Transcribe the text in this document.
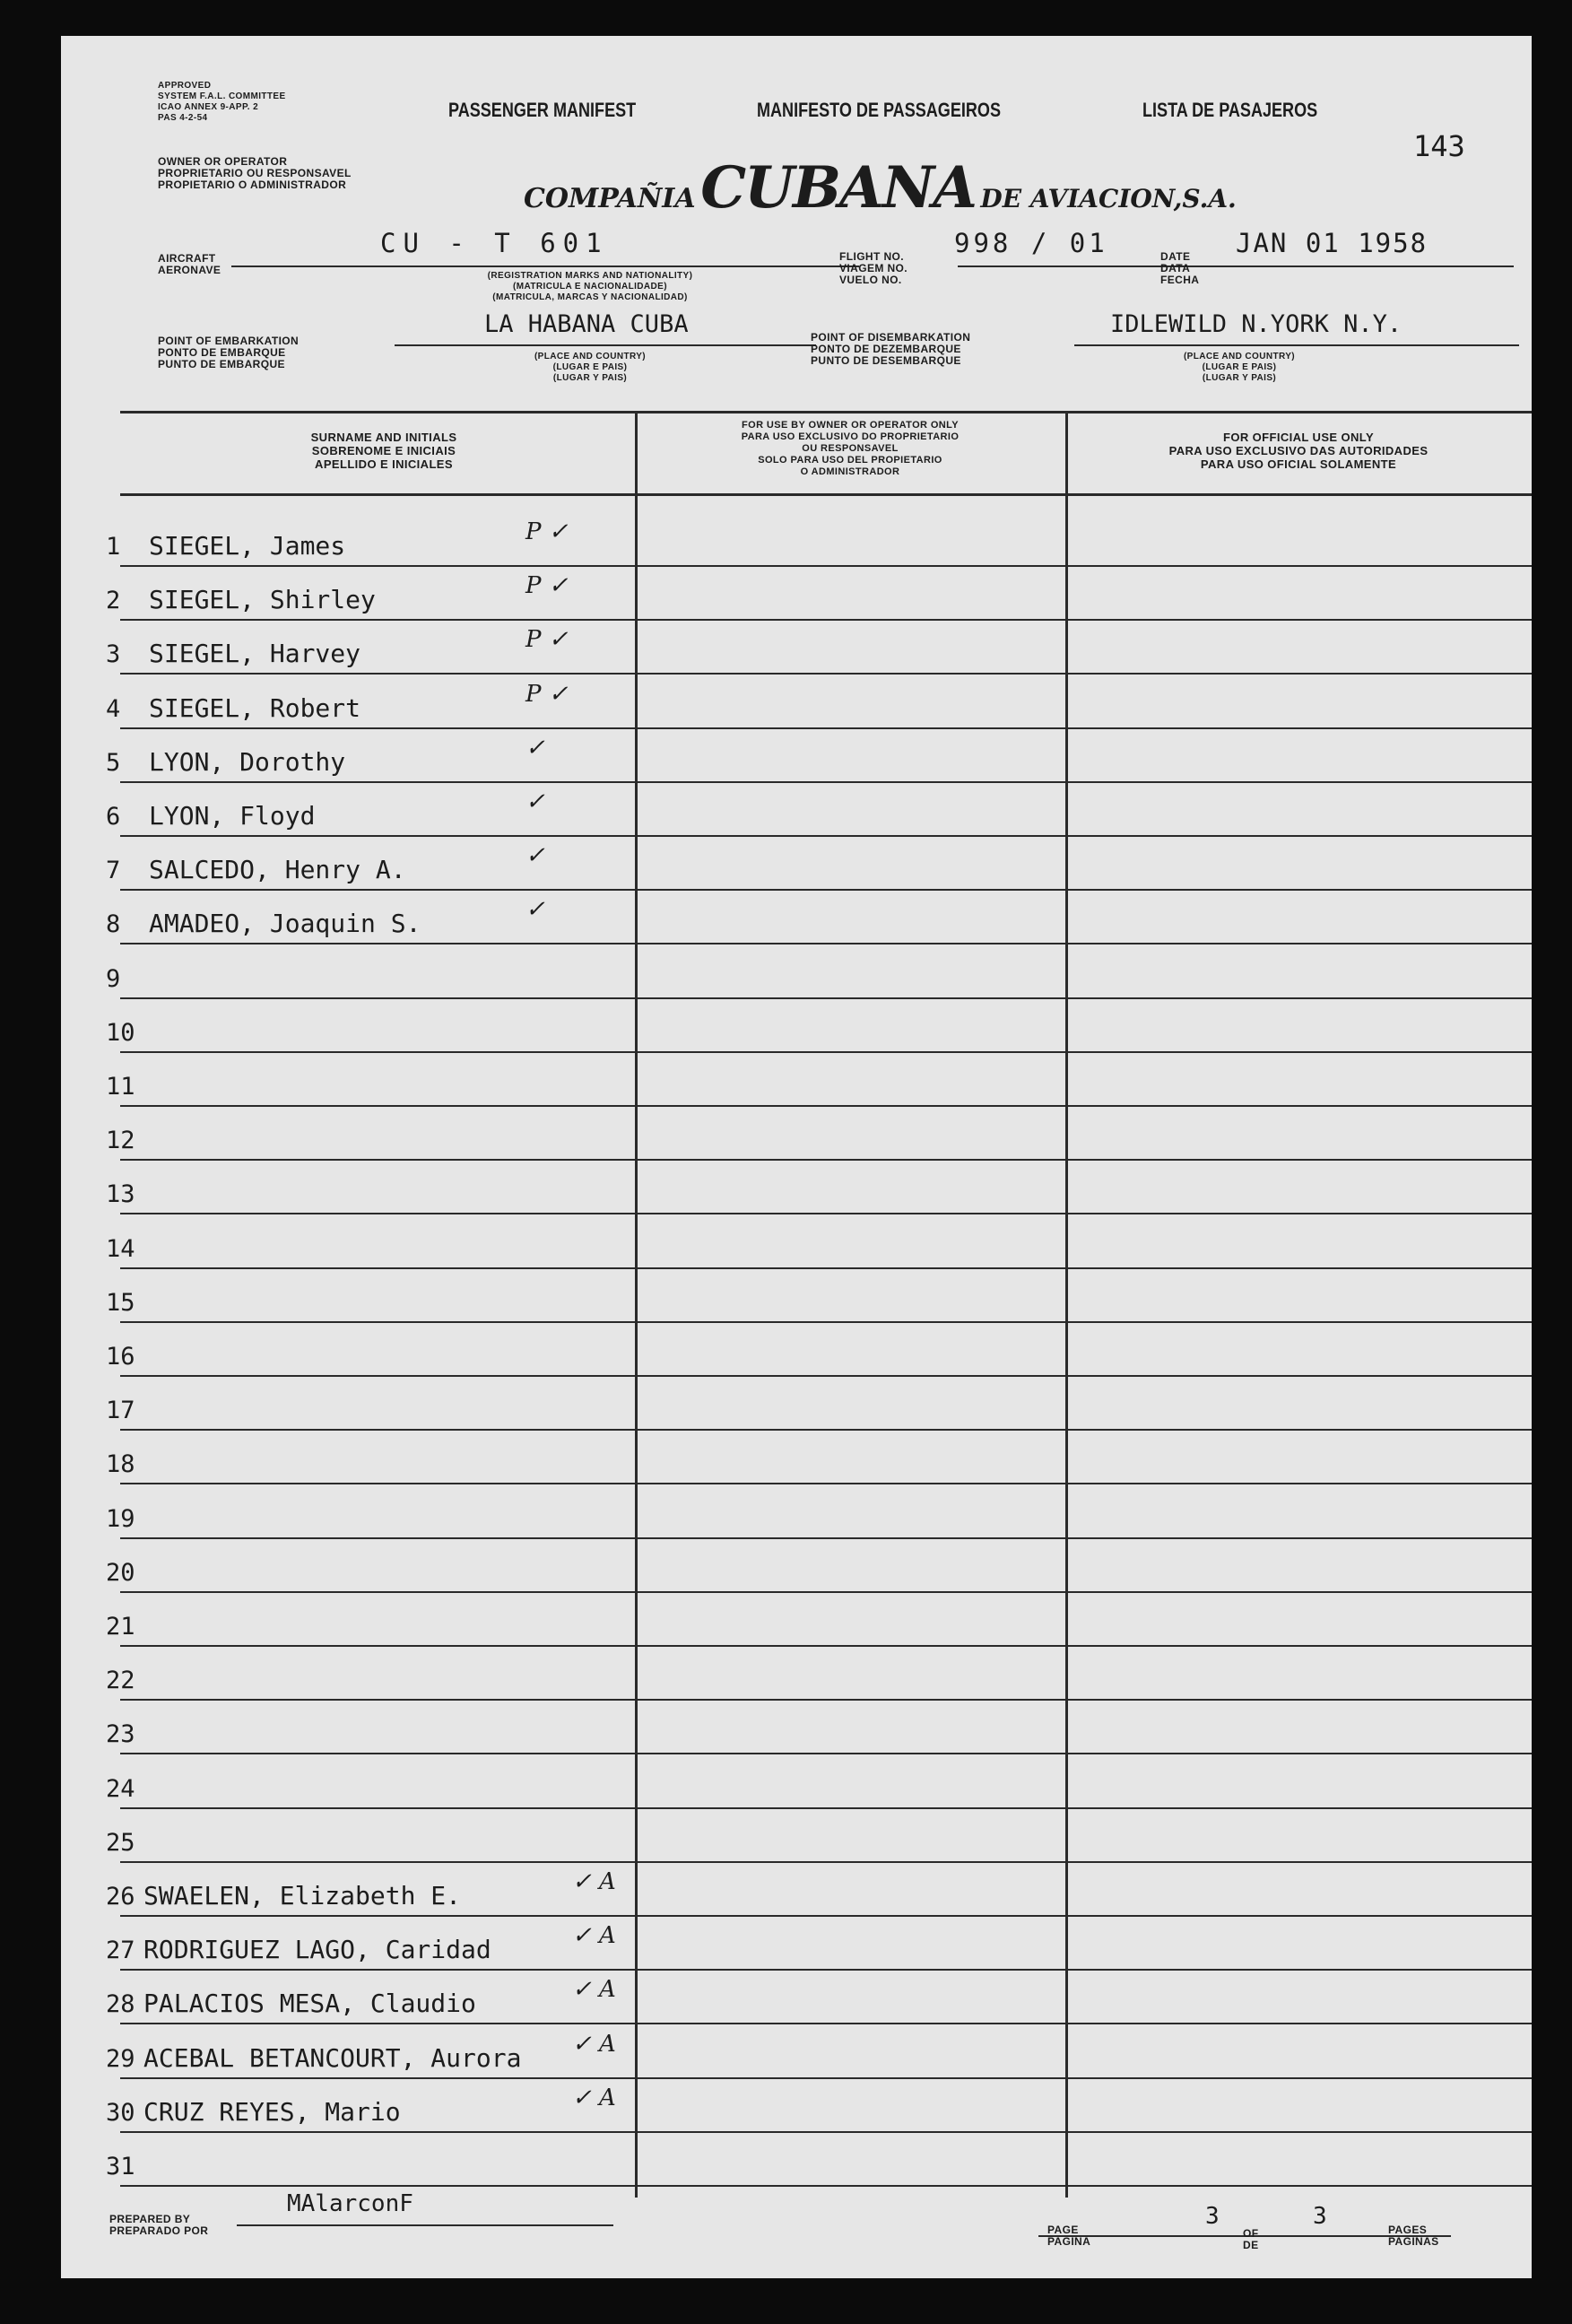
APPROVED
SYSTEM F.A.L. COMMITTEE
ICAO ANNEX 9-APP. 2
PAS 4-2-54	PASSENGER MANIFEST	MANIFESTO DE PASSAGEIROS	LISTA DE PASAJEROS
143
OWNER OR OPERATOR
PROPRIETARIO OU RESPONSAVEL
PROPIETARIO O ADMINISTRADOR	COMPAÑIA CUBANA DE AVIACION,S.A.
AIRCRAFT
AERONAVE
CU - T 601
(REGISTRATION MARKS AND NATIONALITY)
(MATRICULA E NACIONALIDADE)
(MATRICULA, MARCAS Y NACIONALIDAD)
FLIGHT NO.
VIAGEM NO.
VUELO NO.
998 / 01	DATE
DATA
FECHA
JAN 01 1958
POINT OF EMBARKATION
PONTO DE EMBARQUE
PUNTO DE EMBARQUE
LA HABANA CUBA
(PLACE AND COUNTRY)
(LUGAR E PAIS)
(LUGAR Y PAIS)
POINT OF DISEMBARKATION
PONTO DE DEZEMBARQUE
PUNTO DE DESEMBARQUE
IDLEWILD N.YORK N.Y.
(PLACE AND COUNTRY)
(LUGAR E PAIS)
(LUGAR Y PAIS)
SURNAME AND INITIALS
SOBRENOME E INICIAIS
APELLIDO E INICIALES
FOR USE BY OWNER OR OPERATOR ONLY
PARA USO EXCLUSIVO DO PROPRIETARIO
OU RESPONSAVEL
SOLO PARA USO DEL PROPIETARIO
O ADMINISTRADOR
FOR OFFICIAL USE ONLY
PARA USO EXCLUSIVO DAS AUTORIDADES
PARA USO OFICIAL SOLAMENTE
1 SIEGEL, James	P ✓
2 SIEGEL, Shirley	P ✓
3 SIEGEL, Harvey	P ✓
4 SIEGEL, Robert	P ✓
5 LYON, Dorothy	✓
6 LYON, Floyd	✓
7 SALCEDO, Henry A.	✓
8 AMADEO, Joaquin S.	✓
9
10
11
12
13
14
15
16
17
18
19
20
21
22
23
24
25
26 SWAELEN, Elizabeth E.	✓ A
27 RODRIGUEZ LAGO, Caridad	✓ A
28 PALACIOS MESA, Claudio	✓ A
29 ACEBAL BETANCOURT, Aurora ✓ A
30 CRUZ REYES, Mario	✓ A
31
PREPARED BY
PREPARADO POR
MAlarconF
PAGE
PAGINA
3
OF
DE
3	PAGES
PAGINAS
